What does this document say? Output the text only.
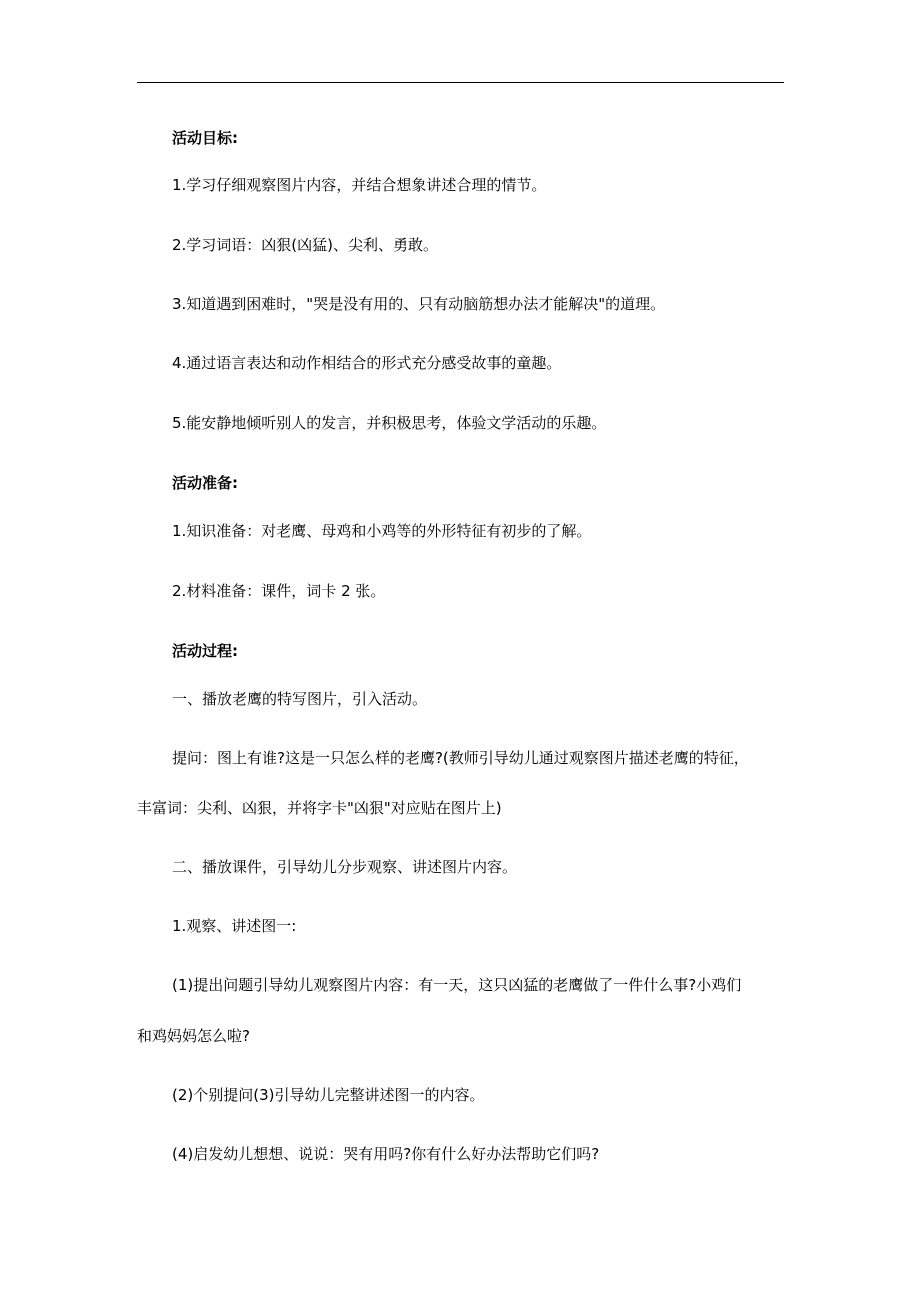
活动目标:
1.学习仔细观察图片内容，并结合想象讲述合理的情节。
2.学习词语：凶狠(凶猛)、尖利、勇敢。
3.知道遇到困难时，"哭是没有用的、只有动脑筋想办法才能解决"的道理。
4.通过语言表达和动作相结合的形式充分感受故事的童趣。
5.能安静地倾听别人的发言，并积极思考，体验文学活动的乐趣。
活动准备:
1.知识准备：对老鹰、母鸡和小鸡等的外形特征有初步的了解。
2.材料准备：课件，词卡 2 张。
活动过程:
一、播放老鹰的特写图片，引入活动。
提问：图上有谁?这是一只怎么样的老鹰?(教师引导幼儿通过观察图片描述老鹰的特征，
丰富词：尖利、凶狠，并将字卡"凶狠"对应贴在图片上)
二、播放课件，引导幼儿分步观察、讲述图片内容。
1.观察、讲述图一:
(1)提出问题引导幼儿观察图片内容：有一天，这只凶猛的老鹰做了一件什么事?小鸡们
和鸡妈妈怎么啦?
(2)个别提问(3)引导幼儿完整讲述图一的内容。
(4)启发幼儿想想、说说：哭有用吗?你有什么好办法帮助它们吗?
